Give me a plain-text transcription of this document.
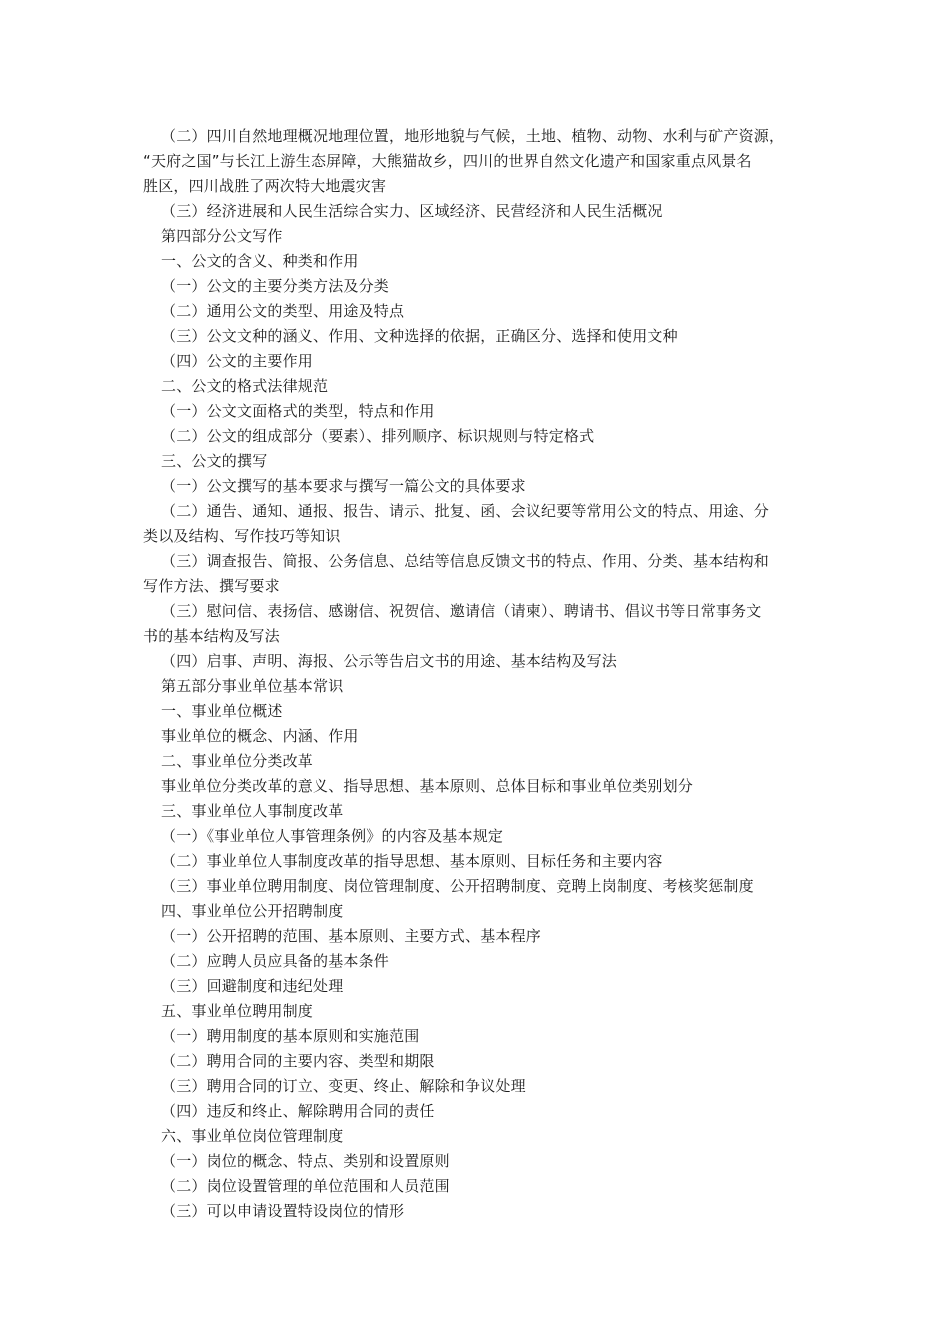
（二）四川自然地理概况地理位置，地形地貌与气候，土地、植物、动物、水利与矿产资源，
“天府之国”与长江上游生态屏障，大熊猫故乡，四川的世界自然文化遗产和国家重点风景名
胜区，四川战胜了两次特大地震灾害
（三）经济进展和人民生活综合实力、区域经济、民营经济和人民生活概况
第四部分公文写作
一、公文的含义、种类和作用
（一）公文的主要分类方法及分类
（二）通用公文的类型、用途及特点
（三）公文文种的涵义、作用、文种选择的依据，正确区分、选择和使用文种
（四）公文的主要作用
二、公文的格式法律规范
（一）公文文面格式的类型，特点和作用
（二）公文的组成部分（要素）、排列顺序、标识规则与特定格式
三、公文的撰写
（一）公文撰写的基本要求与撰写一篇公文的具体要求
（二）通告、通知、通报、报告、请示、批复、函、会议纪要等常用公文的特点、用途、分
类以及结构、写作技巧等知识
（三）调查报告、简报、公务信息、总结等信息反馈文书的特点、作用、分类、基本结构和
写作方法、撰写要求
（三）慰问信、表扬信、感谢信、祝贺信、邀请信（请柬）、聘请书、倡议书等日常事务文
书的基本结构及写法
（四）启事、声明、海报、公示等告启文书的用途、基本结构及写法
第五部分事业单位基本常识
一、事业单位概述
事业单位的概念、内涵、作用
二、事业单位分类改革
事业单位分类改革的意义、指导思想、基本原则、总体目标和事业单位类别划分
三、事业单位人事制度改革
（一）《事业单位人事管理条例》的内容及基本规定
（二）事业单位人事制度改革的指导思想、基本原则、目标任务和主要内容
（三）事业单位聘用制度、岗位管理制度、公开招聘制度、竞聘上岗制度、考核奖惩制度
四、事业单位公开招聘制度
（一）公开招聘的范围、基本原则、主要方式、基本程序
（二）应聘人员应具备的基本条件
（三）回避制度和违纪处理
五、事业单位聘用制度
（一）聘用制度的基本原则和实施范围
（二）聘用合同的主要内容、类型和期限
（三）聘用合同的订立、变更、终止、解除和争议处理
（四）违反和终止、解除聘用合同的责任
六、事业单位岗位管理制度
（一）岗位的概念、特点、类别和设置原则
（二）岗位设置管理的单位范围和人员范围
（三）可以申请设置特设岗位的情形
